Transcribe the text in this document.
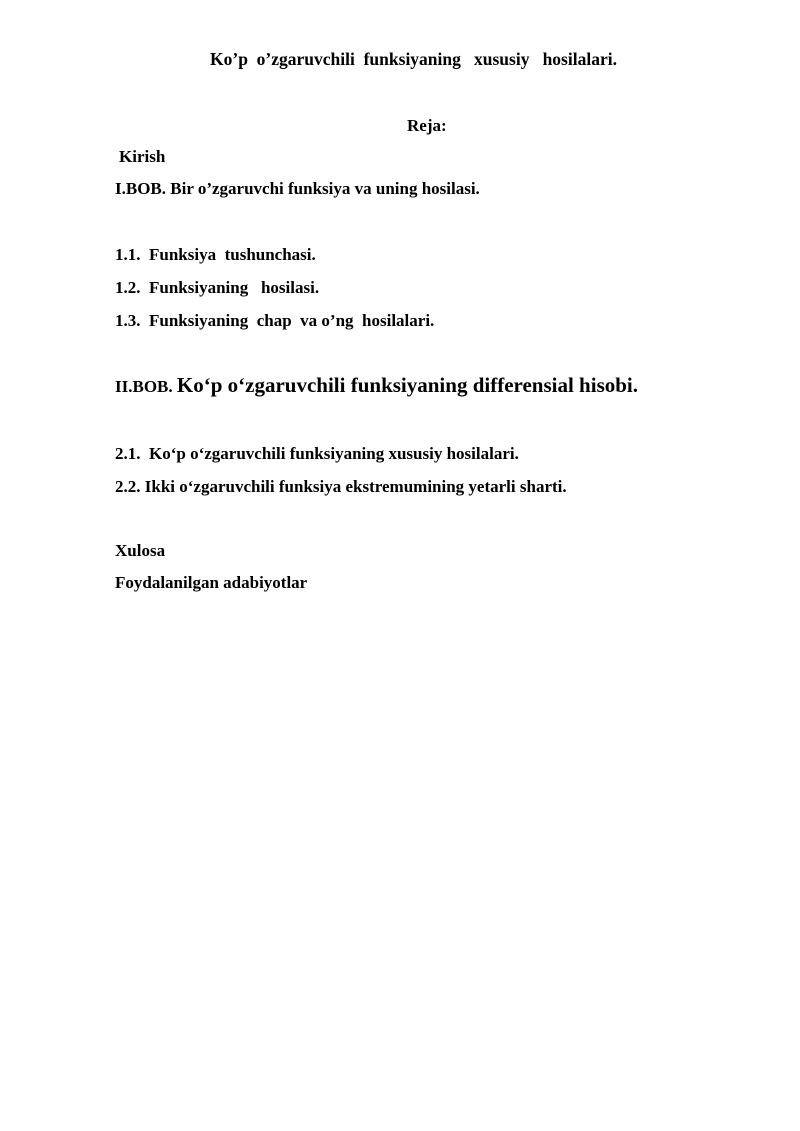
Ko’p  o’zgaruvchili  funksiyaning   xususiy   hosilalari.

Reja:

Kirish

I.BOB. Bir o’zgaruvchi funksiya va uning hosilasi.

1.1.  Funksiya  tushunchasi.

1.2.  Funksiyaning   hosilasi.

1.3.  Funksiyaning  chap  va o’ng  hosilalari.

II.BOB. Ko‘p o‘zgaruvchili funksiyaning differensial hisobi.

2.1.  Ko‘p o‘zgaruvchili funksiyaning xususiy hosilalari.

2.2. Ikki o‘zgaruvchili funksiya ekstremumining yetarli sharti.

Xulosa

Foydalanilgan adabiyotlar
